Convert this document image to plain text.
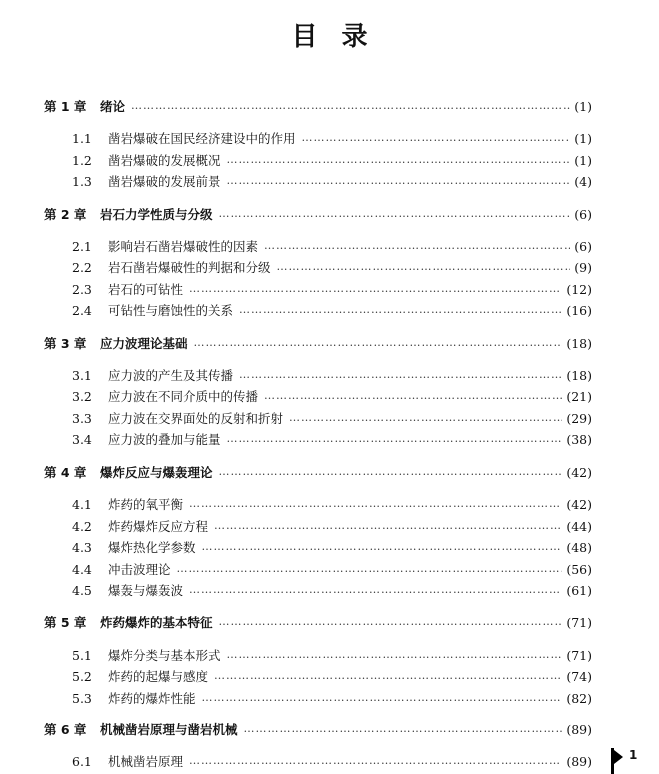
目 录
第 1 章	绪论 …………………………………………………………………………………………………………………………………………………………………………………………………………………………………………………………………………	(1)
1.1	凿岩爆破在国民经济建设中的作用 …………………………………………………………………………………………………………………………………………………………………………………………………………………………………………………………………………	(1)
1.2	凿岩爆破的发展概况 …………………………………………………………………………………………………………………………………………………………………………………………………………………………………………………………………………	(1)
1.3	凿岩爆破的发展前景 …………………………………………………………………………………………………………………………………………………………………………………………………………………………………………………………………………	(4)
第 2 章	岩石力学性质与分级 …………………………………………………………………………………………………………………………………………………………………………………………………………………………………………………………………………	(6)
2.1	影响岩石凿岩爆破性的因素 …………………………………………………………………………………………………………………………………………………………………………………………………………………………………………………………………………	(6)
2.2	岩石凿岩爆破性的判据和分级 …………………………………………………………………………………………………………………………………………………………………………………………………………………………………………………………………………	(9)
2.3	岩石的可钻性 …………………………………………………………………………………………………………………………………………………………………………………………………………………………………………………………………………	(12)
2.4	可钻性与磨蚀性的关系 …………………………………………………………………………………………………………………………………………………………………………………………………………………………………………………………………………	(16)
第 3 章	应力波理论基础 …………………………………………………………………………………………………………………………………………………………………………………………………………………………………………………………………………	(18)
3.1	应力波的产生及其传播 …………………………………………………………………………………………………………………………………………………………………………………………………………………………………………………………………………	(18)
3.2	应力波在不同介质中的传播 …………………………………………………………………………………………………………………………………………………………………………………………………………………………………………………………………………	(21)
3.3	应力波在交界面处的反射和折射 …………………………………………………………………………………………………………………………………………………………………………………………………………………………………………………………………………	(29)
3.4	应力波的叠加与能量 …………………………………………………………………………………………………………………………………………………………………………………………………………………………………………………………………………	(38)
第 4 章	爆炸反应与爆轰理论 …………………………………………………………………………………………………………………………………………………………………………………………………………………………………………………………………………	(42)
4.1	炸药的氧平衡 …………………………………………………………………………………………………………………………………………………………………………………………………………………………………………………………………………	(42)
4.2	炸药爆炸反应方程 …………………………………………………………………………………………………………………………………………………………………………………………………………………………………………………………………………	(44)
4.3	爆炸热化学参数 …………………………………………………………………………………………………………………………………………………………………………………………………………………………………………………………………………	(48)
4.4	冲击波理论 …………………………………………………………………………………………………………………………………………………………………………………………………………………………………………………………………………	(56)
4.5	爆轰与爆轰波 …………………………………………………………………………………………………………………………………………………………………………………………………………………………………………………………………………	(61)
第 5 章	炸药爆炸的基本特征 …………………………………………………………………………………………………………………………………………………………………………………………………………………………………………………………………………	(71)
5.1	爆炸分类与基本形式 …………………………………………………………………………………………………………………………………………………………………………………………………………………………………………………………………………	(71)
5.2	炸药的起爆与感度 …………………………………………………………………………………………………………………………………………………………………………………………………………………………………………………………………………	(74)
5.3	炸药的爆炸性能 …………………………………………………………………………………………………………………………………………………………………………………………………………………………………………………………………………	(82)
第 6 章	机械凿岩原理与凿岩机械 …………………………………………………………………………………………………………………………………………………………………………………………………………………………………………………………………………	(89)
6.1	机械凿岩原理 …………………………………………………………………………………………………………………………………………………………………………………………………………………………………………………………………………	(89)	1
